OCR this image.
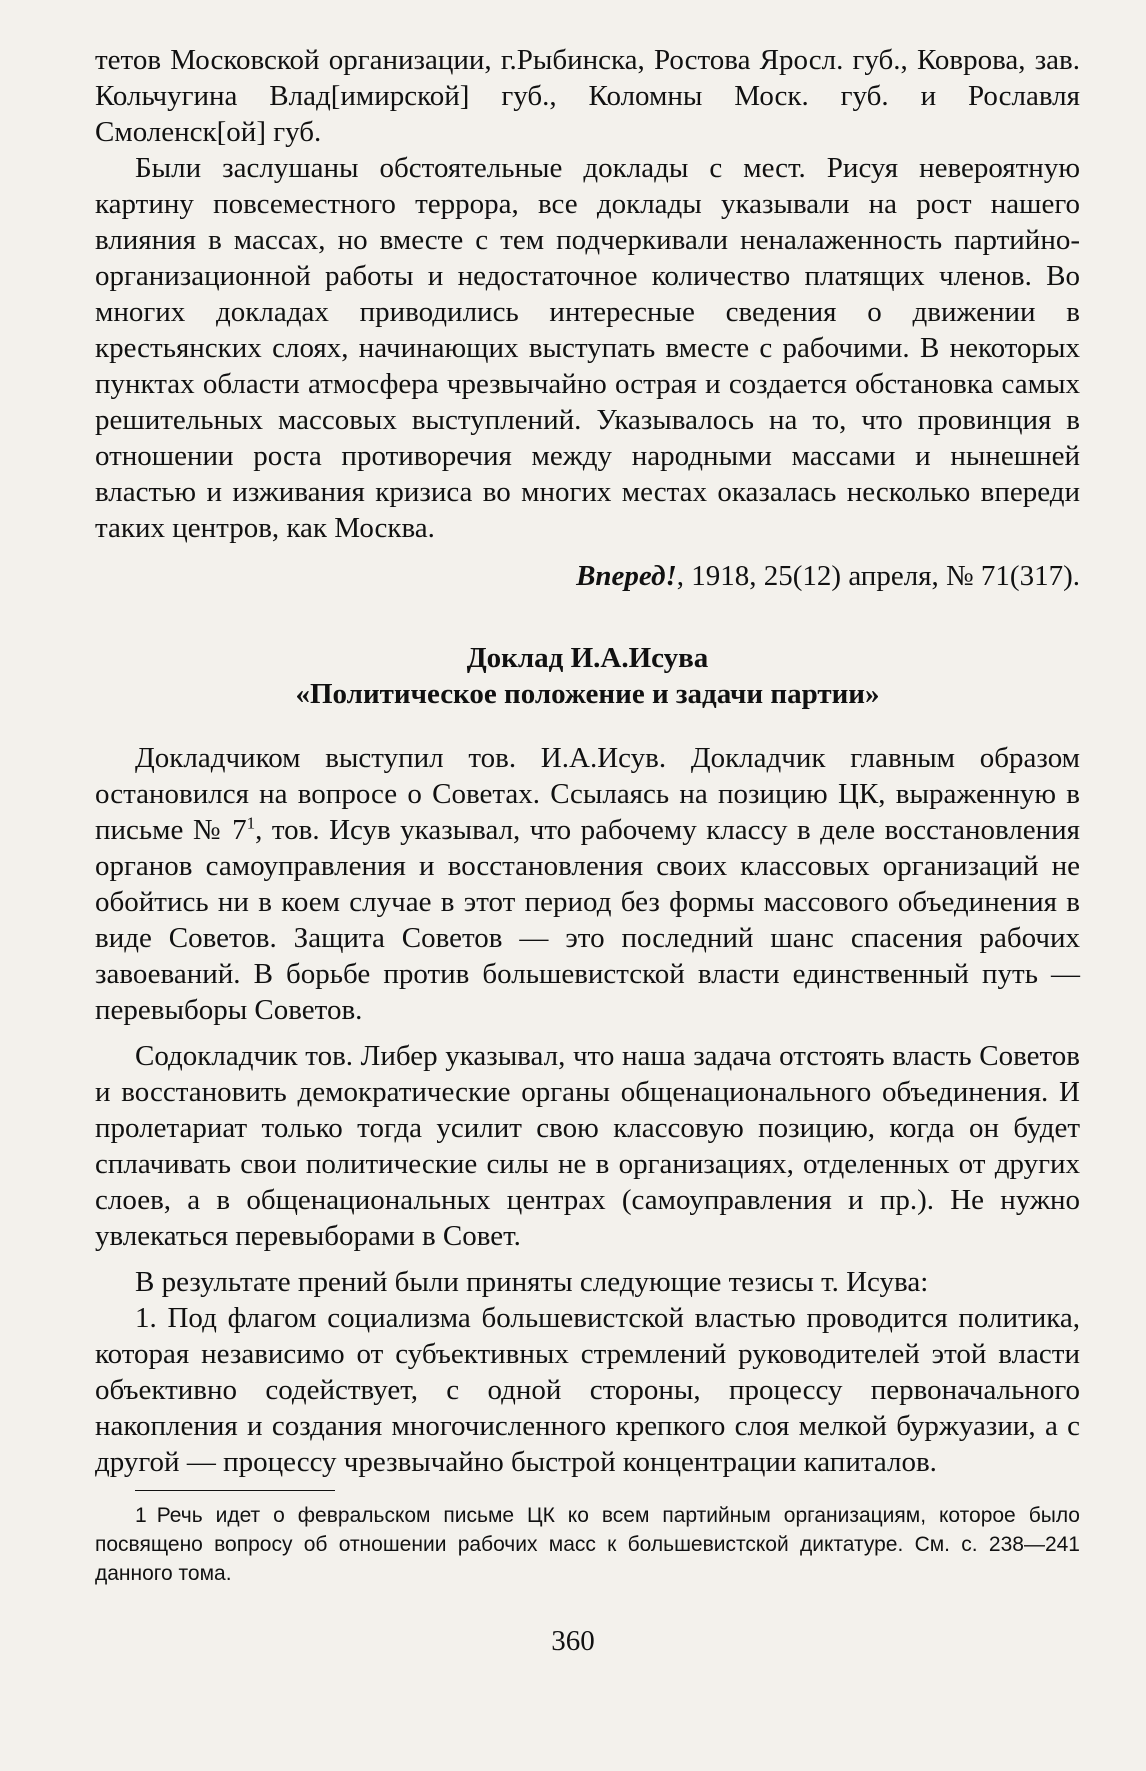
тетов Московской организации, г.Рыбинска, Ростова Яросл. губ., Коврова, зав. Кольчугина Влад[имирской] губ., Коломны Моск. губ. и Рославля Смоленск[ой] губ.

Были заслушаны обстоятельные доклады с мест. Рисуя невероятную картину повсеместного террора, все доклады указывали на рост нашего влияния в массах, но вместе с тем подчеркивали неналаженность партийно-организационной работы и недостаточное количество платящих членов. Во многих докладах приводились интересные сведения о движении в крестьянских слоях, начинающих выступать вместе с рабочими. В некоторых пунктах области атмосфера чрезвычайно острая и создается обстановка самых решительных массовых выступлений. Указывалось на то, что провинция в отношении роста противоречия между народными массами и нынешней властью и изживания кризиса во многих местах оказалась несколько впереди таких центров, как Москва.

Вперед!, 1918, 25(12) апреля, № 71(317).

Доклад И.А.Исува

«Политическое положение и задачи партии»

Докладчиком выступил тов. И.А.Исув. Докладчик главным образом остановился на вопросе о Советах. Ссылаясь на позицию ЦК, выраженную в письме № $7^1$, тов. Исув указывал, что рабочему классу в деле восстановления органов самоуправления и восстановления своих классовых организаций не обойтись ни в коем случае в этот период без формы массового объединения в виде Советов. Защита Советов — это последний шанс спасения рабочих завоеваний. В борьбе против большевистской власти единственный путь — перевыборы Советов.

Содокладчик тов. Либер указывал, что наша задача отстоять власть Советов и восстановить демократические органы общенационального объединения. И пролетариат только тогда усилит свою классовую позицию, когда он будет сплачивать свои политические силы не в организациях, отделенных от других слоев, а в общенациональных центрах (самоуправления и пр.). Не нужно увлекаться перевыборами в Совет.

В результате прений были приняты следующие тезисы т. Исува:

1. Под флагом социализма большевистской властью проводится политика, которая независимо от субъективных стремлений руководителей этой власти объективно содействует, с одной стороны, процессу первоначального накопления и создания многочисленного крепкого слоя мелкой буржуазии, а с другой — процессу чрезвычайно быстрой концентрации капиталов.

1 Речь идет о февральском письме ЦК ко всем партийным организациям, которое было посвящено вопросу об отношении рабочих масс к большевистской диктатуре. См. с. 238—241 данного тома.

360
